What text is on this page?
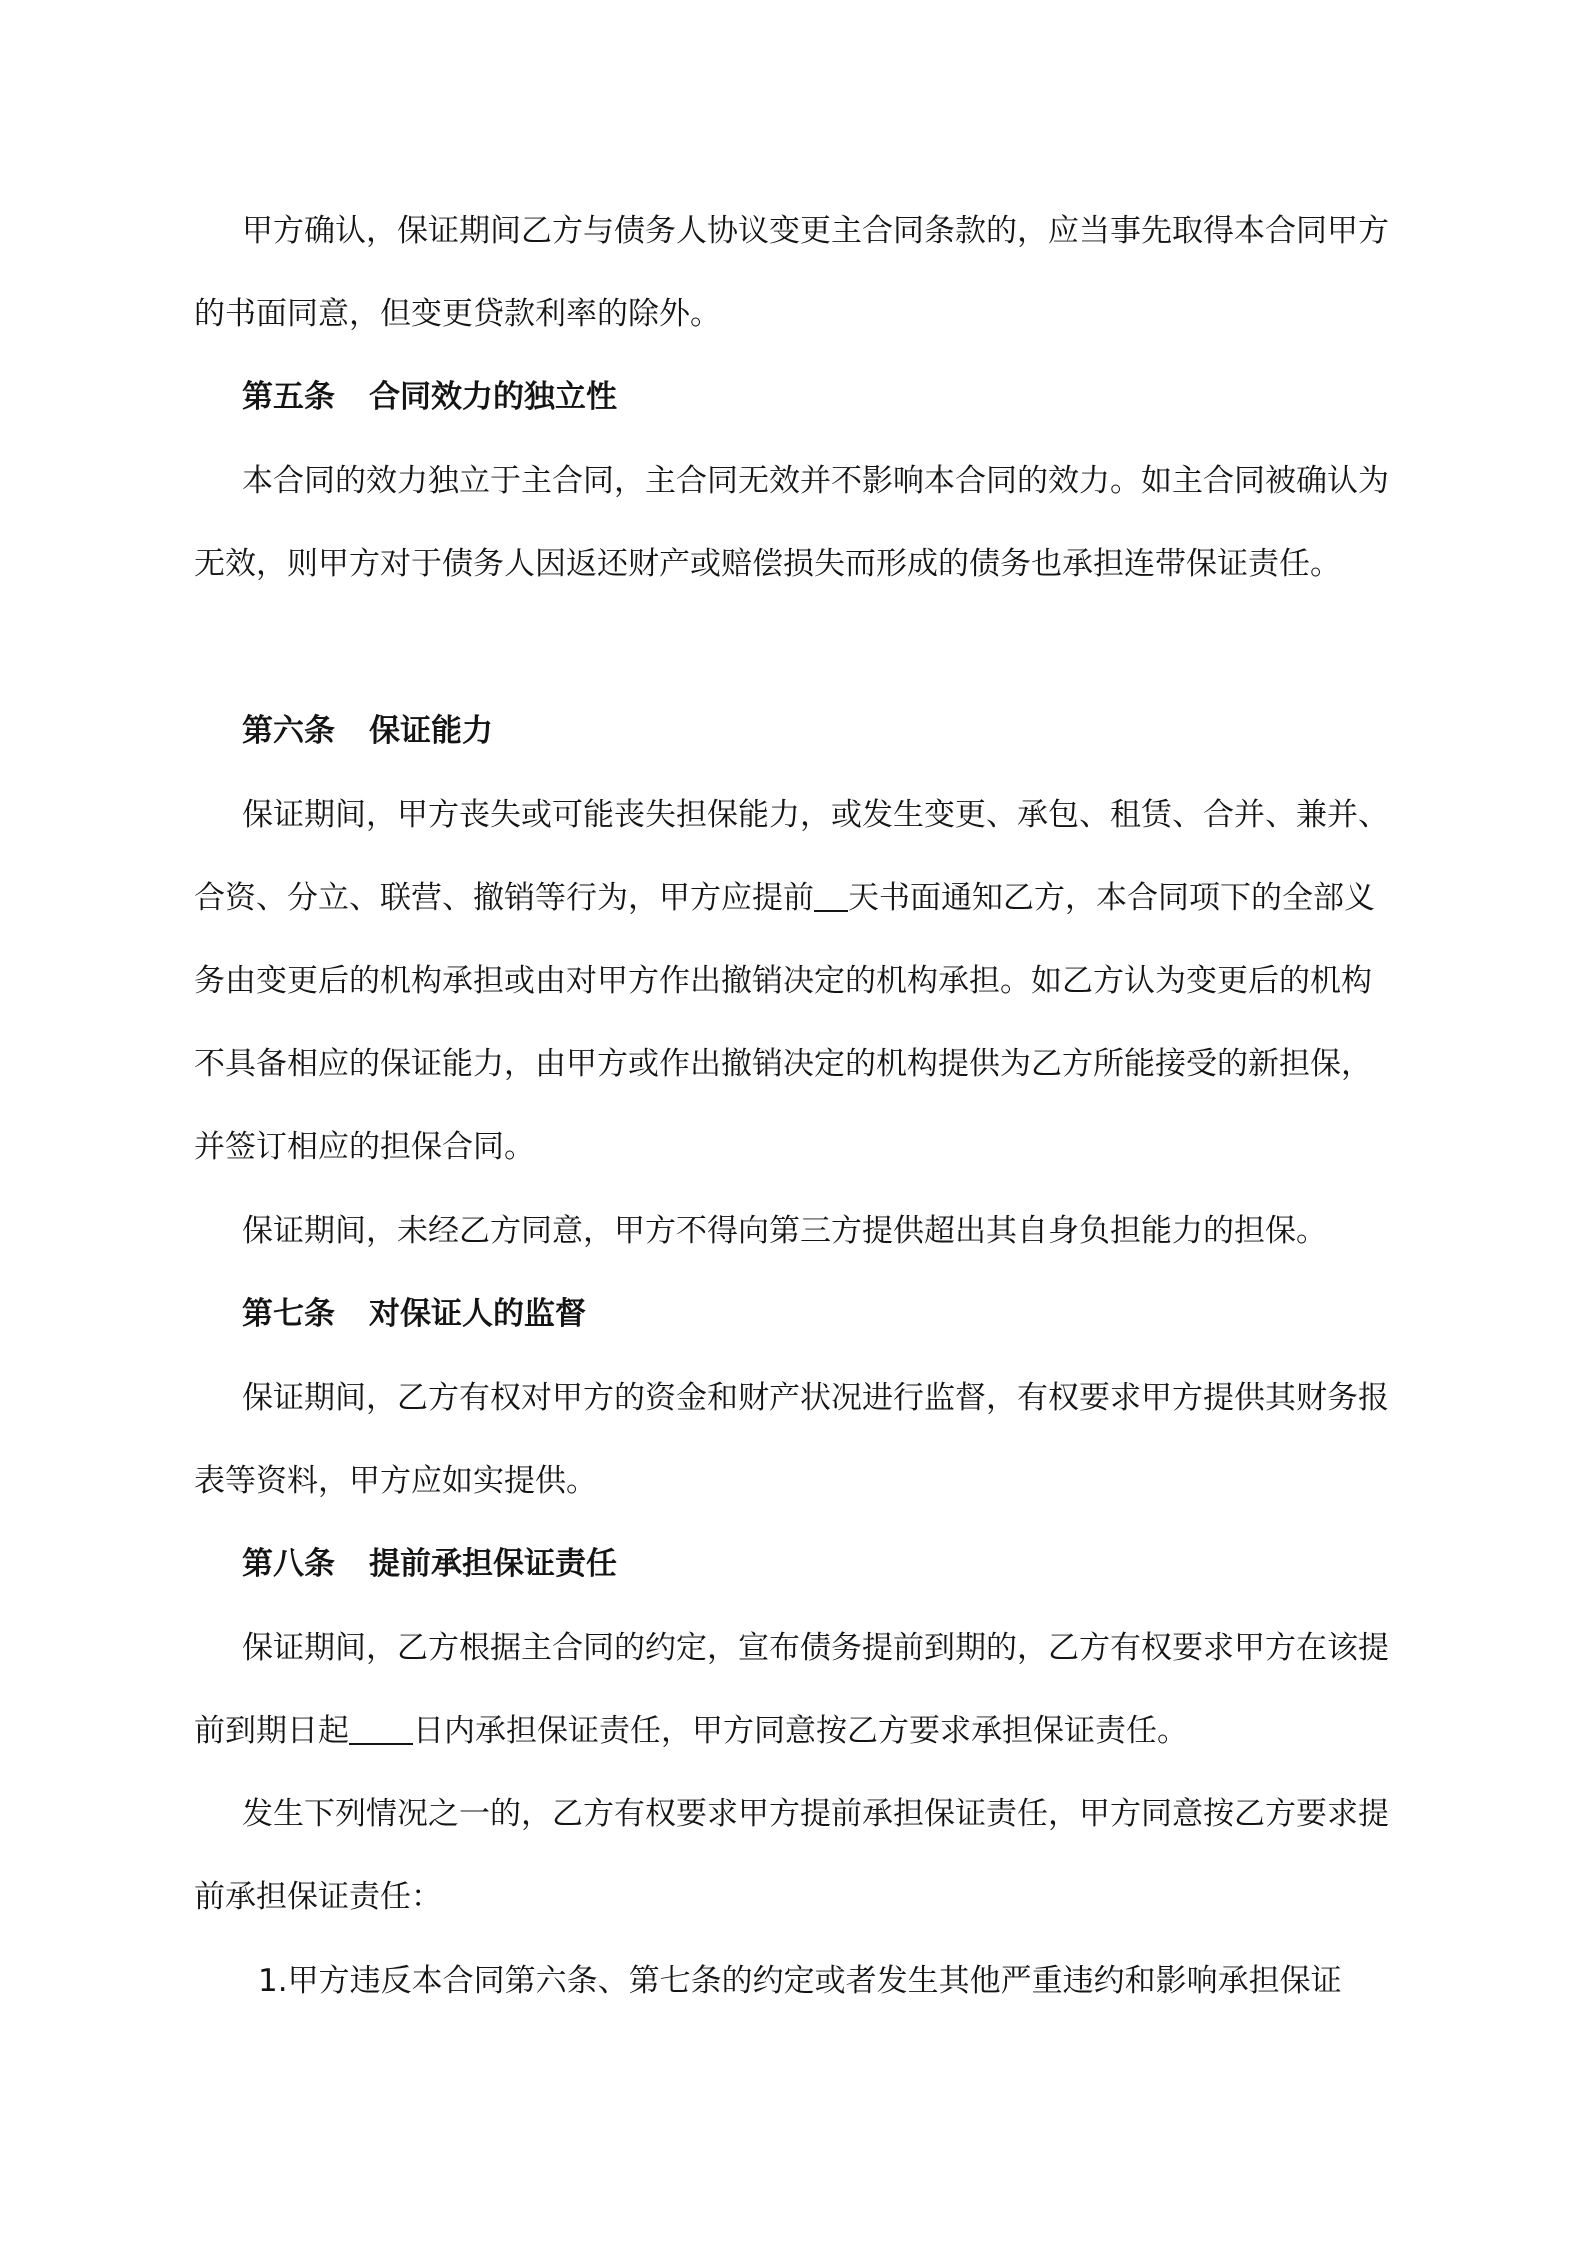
甲方确认，保证期间乙方与债务人协议变更主合同条款的，应当事先取得本合同甲方的书面同意，但变更贷款利率的除外。

第五条 合同效力的独立性

本合同的效力独立于主合同，主合同无效并不影响本合同的效力。如主合同被确认为无效，则甲方对于债务人因返还财产或赔偿损失而形成的债务也承担连带保证责任。

第六条 保证能力

保证期间，甲方丧失或可能丧失担保能力，或发生变更、承包、租赁、合并、兼并、合资、分立、联营、撤销等行为，甲方应提前 天书面通知乙方，本合同项下的全部义务由变更后的机构承担或由对甲方作出撤销决定的机构承担。如乙方认为变更后的机构不具备相应的保证能力，由甲方或作出撤销决定的机构提供为乙方所能接受的新担保，并签订相应的担保合同。

保证期间，未经乙方同意，甲方不得向第三方提供超出其自身负担能力的担保。

第七条 对保证人的监督

保证期间，乙方有权对甲方的资金和财产状况进行监督，有权要求甲方提供其财务报表等资料，甲方应如实提供。

第八条 提前承担保证责任

保证期间，乙方根据主合同的约定，宣布债务提前到期的，乙方有权要求甲方在该提前到期日起 日内承担保证责任，甲方同意按乙方要求承担保证责任。

发生下列情况之一的，乙方有权要求甲方提前承担保证责任，甲方同意按乙方要求提前承担保证责任：

1.甲方违反本合同第六条、第七条的约定或者发生其他严重违约和影响承担保证
